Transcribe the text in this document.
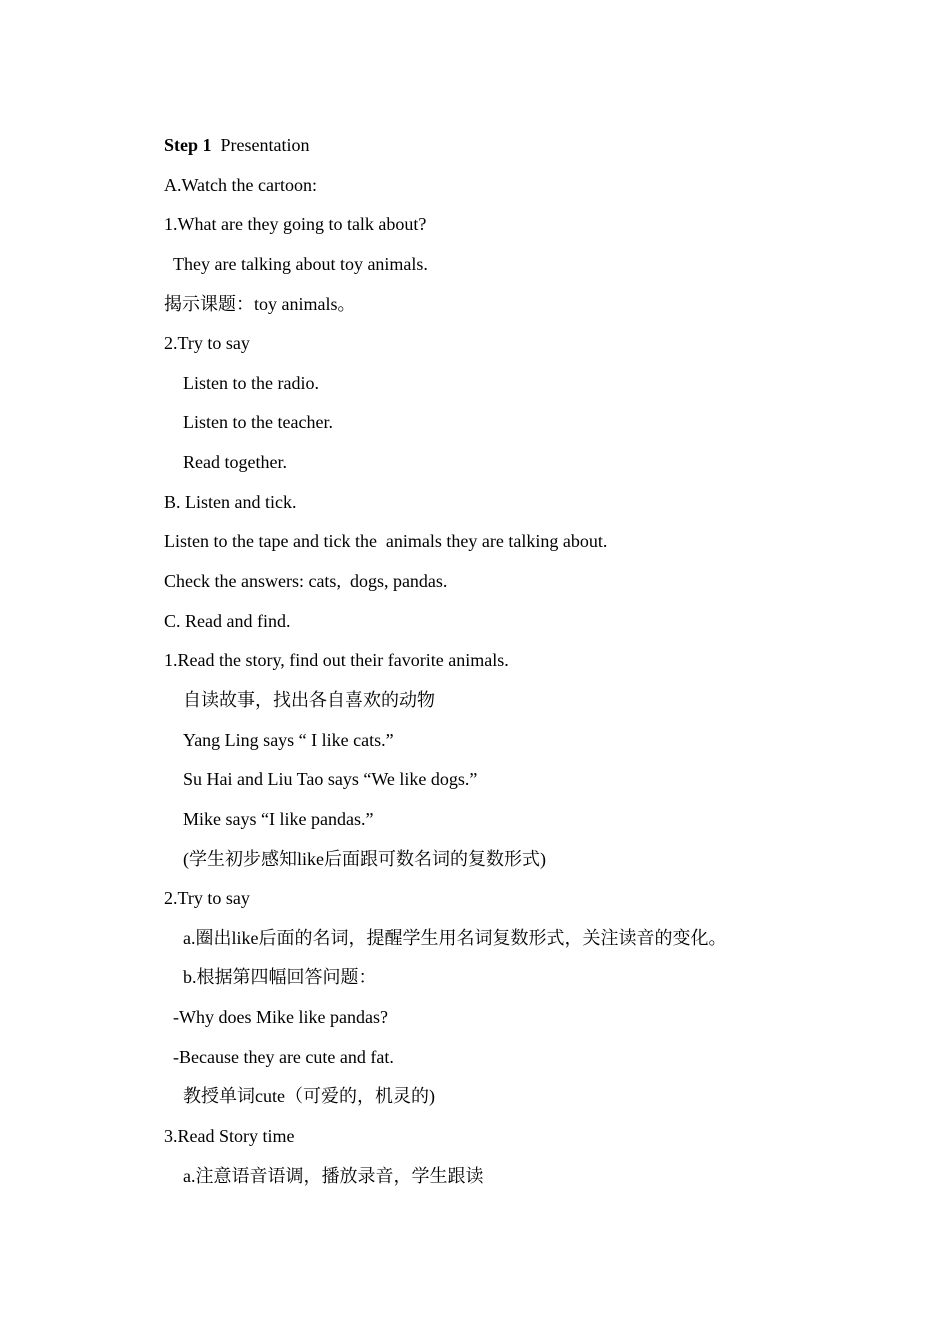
Step 1 Presentation
A.Watch the cartoon:
1.What are they going to talk about?
They are talking about toy animals.
揭示课题：toy animals。
2.Try to say
Listen to the radio.
Listen to the teacher.
Read together.
B. Listen and tick.
Listen to the tape and tick the  animals they are talking about.
Check the answers: cats,  dogs, pandas.
C. Read and find.
1.Read the story, find out their favorite animals.
自读故事，找出各自喜欢的动物
Yang Ling says “ I like cats.”
Su Hai and Liu Tao says “We like dogs.”
Mike says “I like pandas.”
(学生初步感知like后面跟可数名词的复数形式)
2.Try to say
a.圈出like后面的名词，提醒学生用名词复数形式，关注读音的变化。
b.根据第四幅回答问题：
-Why does Mike like pandas?
-Because they are cute and fat.
教授单词cute（可爱的，机灵的)
3.Read Story time
a.注意语音语调，播放录音，学生跟读
